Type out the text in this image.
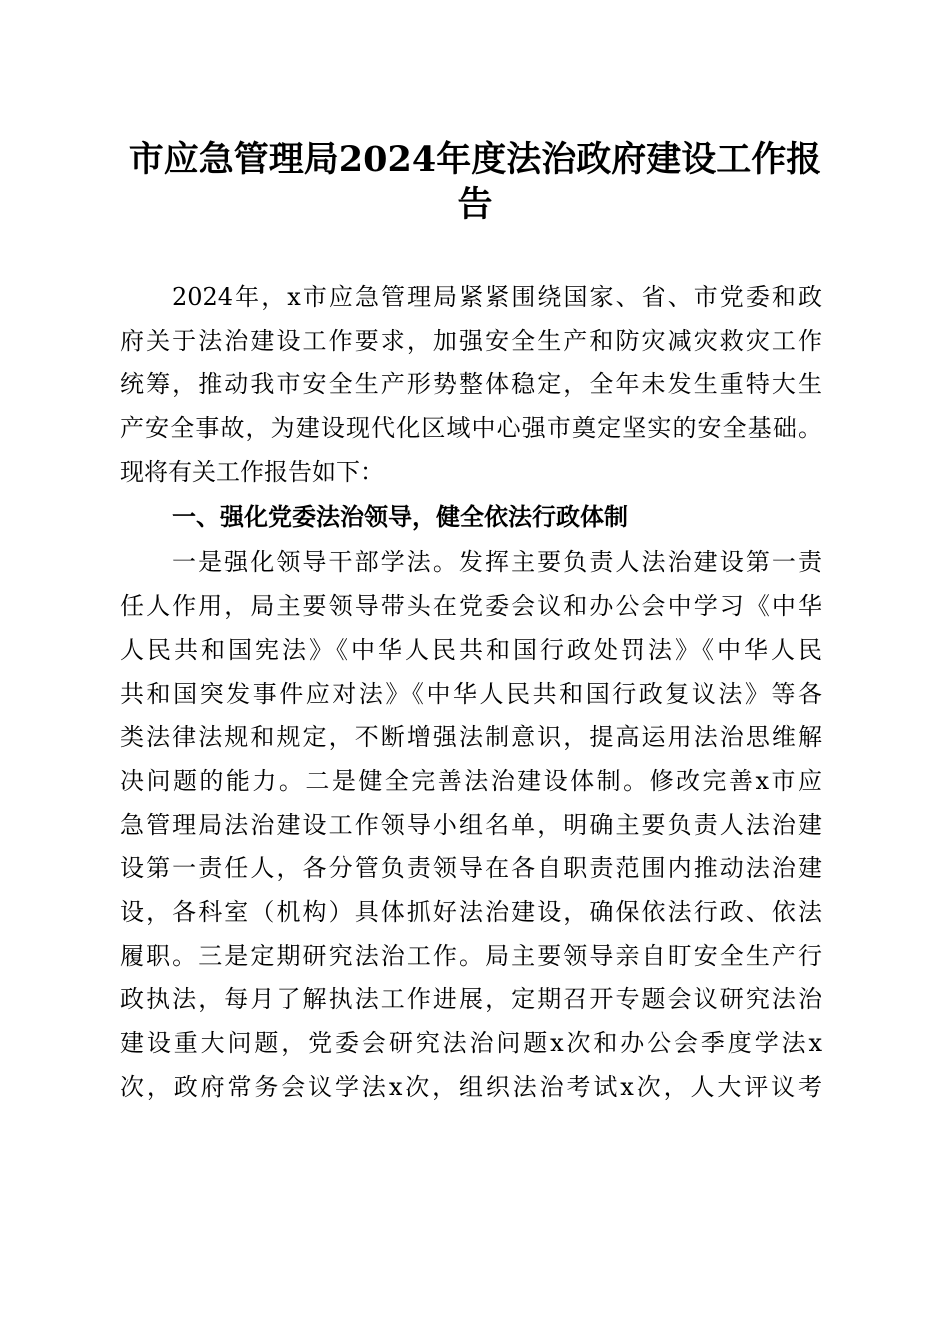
市应急管理局2024年度法治政府建设工作报
告
2024年，x市应急管理局紧紧围绕国家、省、市党委和政
府关于法治建设工作要求，加强安全生产和防灾减灾救灾工作
统筹，推动我市安全生产形势整体稳定，全年未发生重特大生
产安全事故，为建设现代化区域中心强市奠定坚实的安全基础。
现将有关工作报告如下：
一、强化党委法治领导，健全依法行政体制
一是强化领导干部学法。发挥主要负责人法治建设第一责
任人作用，局主要领导带头在党委会议和办公会中学习《中华
人民共和国宪法》《中华人民共和国行政处罚法》《中华人民
共和国突发事件应对法》《中华人民共和国行政复议法》等各
类法律法规和规定，不断增强法制意识，提高运用法治思维解
决问题的能力。二是健全完善法治建设体制。修改完善x市应
急管理局法治建设工作领导小组名单，明确主要负责人法治建
设第一责任人，各分管负责领导在各自职责范围内推动法治建
设，各科室（机构）具体抓好法治建设，确保依法行政、依法
履职。三是定期研究法治工作。局主要领导亲自盯安全生产行
政执法，每月了解执法工作进展，定期召开专题会议研究法治
建设重大问题，党委会研究法治问题x次和办公会季度学法x
次，政府常务会议学法x次，组织法治考试x次，人大评议考
